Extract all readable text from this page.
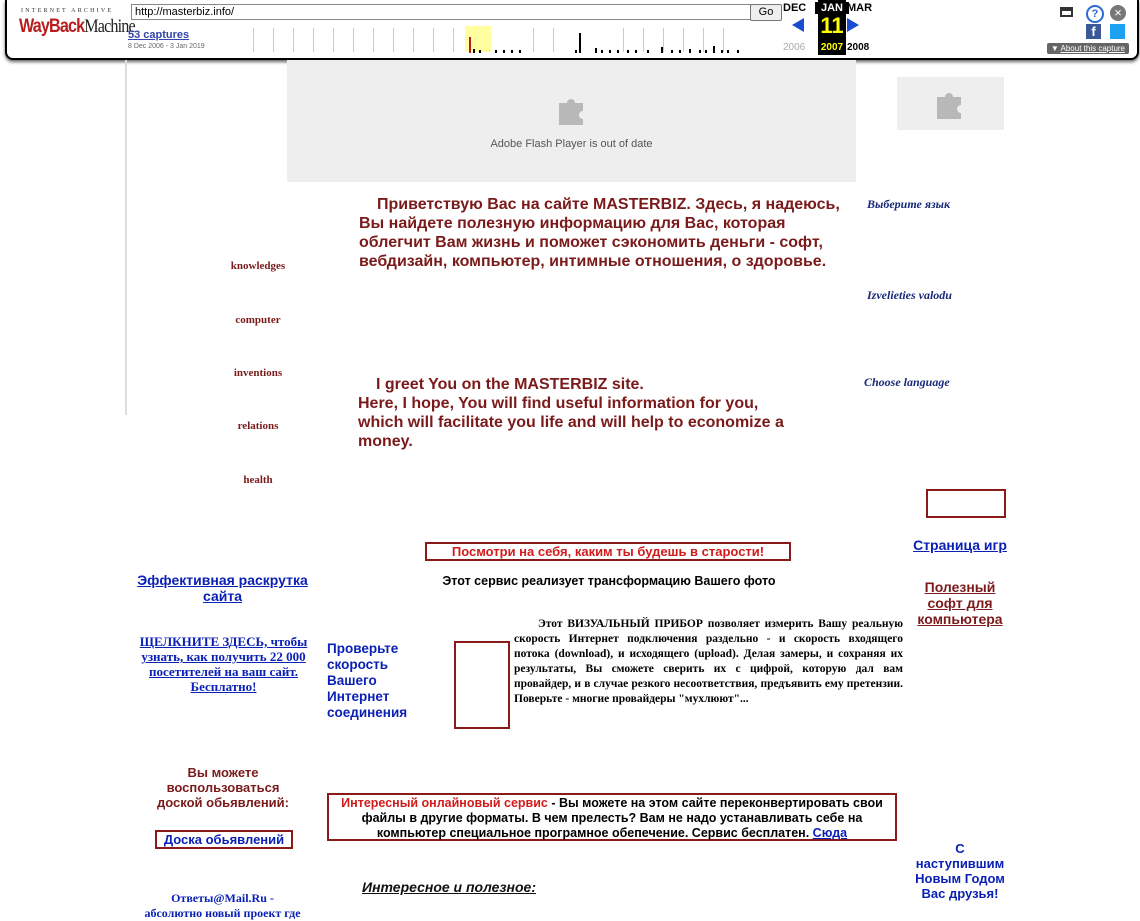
INTERNET ARCHIVE
WayBackMachine
http://masterbiz.info/	Go DEC	JAN MAR
11
2006	2007 2008
53 captures
8 Dec 2006 - 3 Jan 2019
?	×
f
▼ About this capture
Adobe Flash Player is out of date
knowledges
computer
inventions
relations
health
Выберите язык
Izvelieties valodu
Choose language
Приветствую Вас на сайте MASTERBIZ. Здесь, я надеюсь, Вы найдете полезную информацию для Вас, которая облегчит Вам жизнь и поможет сэкономить деньги - софт, вебдизайн, компьютер, интимные отношения, о здоровье.
I greet You on the MASTERBIZ site.
Here, I hope, You will find useful information for you, which will facilitate you life and will help to economize a money.
Посмотри на себя, каким ты будешь в старости!
Этот сервис реализует трансформацию Вашего фото
Страница игр
Полезный софт для компьютера
С наступившим Новым Годом Вас друзья!
Эффективная раскрутка сайта
ЩЕЛКНИТЕ ЗДЕСЬ, чтобы узнать, как получить 22 000 посетителей на ваш сайт. Бесплатно!
Вы можете воспользоваться доской обьявлений:
Доска обьявлений
Ответы@Mail.Ru -
абсолютно новый проект где
Проверьте скорость Вашего Интернет соединения
Этот ВИЗУАЛЬНЫЙ ПРИБОР позволяет измерить Вашу реальную скорость Интернет подключения раздельно - и скорость входящего потока (download), и исходящего (upload). Делая замеры, и сохраняя их результаты, Вы сможете сверить их с цифрой, которую дал вам провайдер, и в случае резкого несоответствия, предъявить ему претензии. Поверьте - многие провайдеры "мухлюют"...
Интересный онлайновый сервис - Вы можете на этом сайте переконвертировать свои файлы в другие форматы. В чем прелесть? Вам не надо устанавливать себе на компьютер специальное програмное обепечение. Сервис бесплатен. Сюда
Интересное и полезное:
